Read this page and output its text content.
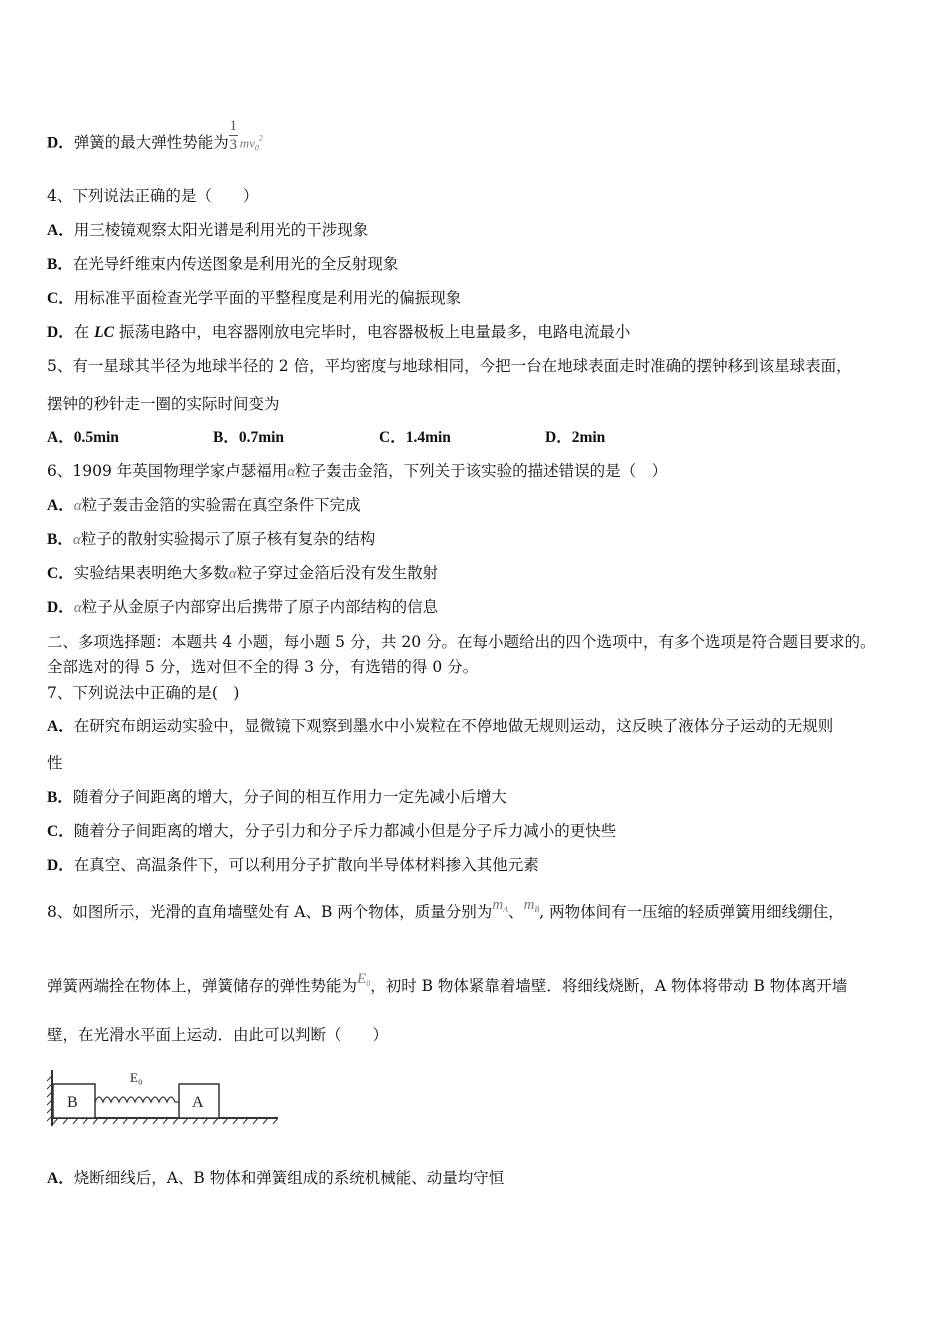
D．弹簧的最大弹性势能为 $\frac{1}{3} mv_0^2$
4、下列说法正确的是（　　）
A．用三棱镜观察太阳光谱是利用光的干涉现象
B．在光导纤维束内传送图象是利用光的全反射现象
C．用标准平面检查光学平面的平整程度是利用光的偏振现象
D．在 LC 振荡电路中，电容器刚放电完毕时，电容器极板上电量最多，电路电流最小
5、有一星球其半径为地球半径的 2 倍，平均密度与地球相同，今把一台在地球表面走时准确的摆钟移到该星球表面，
摆钟的秒针走一圈的实际时间变为
A．0.5min	B．0.7min	C．1.4min	D．2min
6、1909 年英国物理学家卢瑟福用α粒子轰击金箔，下列关于该实验的描述错误的是（　）
A．α粒子轰击金箔的实验需在真空条件下完成
B．α粒子的散射实验揭示了原子核有复杂的结构
C．实验结果表明绝大多数α粒子穿过金箔后没有发生散射
D．α粒子从金原子内部穿出后携带了原子内部结构的信息
二、多项选择题：本题共 4 小题，每小题 5 分，共 20 分。在每小题给出的四个选项中，有多个选项是符合题目要求的。
全部选对的得 5 分，选对但不全的得 3 分，有选错的得 0 分。
7、下列说法中正确的是(　)
A．在研究布朗运动实验中，显微镜下观察到墨水中小炭粒在不停地做无规则运动，这反映了液体分子运动的无规则
性
B．随着分子间距离的增大，分子间的相互作用力一定先减小后增大
C．随着分子间距离的增大，分子引力和分子斥力都减小但是分子斥力减小的更快些
D．在真空、高温条件下，可以利用分子扩散向半导体材料掺入其他元素
8、如图所示，光滑的直角墙壁处有 A、B 两个物体，质量分别为$m^A$、$m^B$, 两物体间有一压缩的轻质弹簧用细线绷住，
弹簧两端拴在物体上，弹簧储存的弹性势能为$E^0$，初时 B 物体紧靠着墙壁．将细线烧断，A 物体将带动 B 物体离开墙
壁，在光滑水平面上运动．由此可以判断（　　）
B
E₀
A
A．烧断细线后，A、B 物体和弹簧组成的系统机械能、动量均守恒
